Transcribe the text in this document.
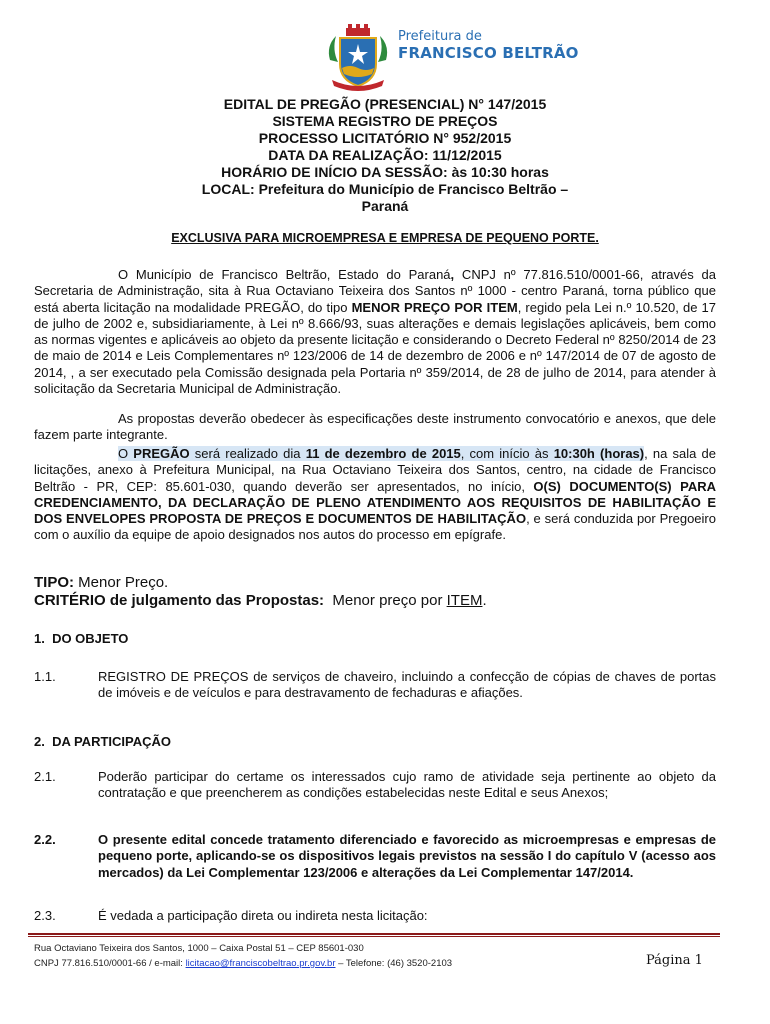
Prefeitura de
FRANCISCO BELTRÃO
EDITAL DE PREGÃO (PRESENCIAL) N° 147/2015
SISTEMA REGISTRO DE PREÇOS
PROCESSO LICITATÓRIO N° 952/2015
DATA DA REALIZAÇÃO: 11/12/2015
HORÁRIO DE INÍCIO DA SESSÃO: às 10:30 horas
LOCAL: Prefeitura do Município de Francisco Beltrão –
Paraná
EXCLUSIVA PARA MICROEMPRESA E EMPRESA DE PEQUENO PORTE.
O Município de Francisco Beltrão, Estado do Paraná, CNPJ nº 77.816.510/0001-66, através da Secretaria de Administração, sita à Rua Octaviano Teixeira dos Santos nº 1000 - centro Paraná, torna público que está aberta licitação na modalidade PREGÃO, do tipo MENOR PREÇO POR ITEM, regido pela Lei n.º 10.520, de 17 de julho de 2002 e, subsidiariamente, à Lei nº 8.666/93, suas alterações e demais legislações aplicáveis, bem como as normas vigentes e aplicáveis ao objeto da presente licitação e considerando o Decreto Federal nº 8250/2014 de 23 de maio de 2014 e Leis Complementares nº 123/2006 de 14 de dezembro de 2006 e nº 147/2014 de 07 de agosto de 2014, , a ser executado pela Comissão designada pela Portaria nº 359/2014, de 28 de julho de 2014, para atender à solicitação da Secretaria Municipal de Administração.
As propostas deverão obedecer às especificações deste instrumento convocatório e anexos, que dele fazem parte integrante.
O PREGÃO será realizado dia 11 de dezembro de 2015, com início às 10:30h (horas), na sala de licitações, anexo à Prefeitura Municipal, na Rua Octaviano Teixeira dos Santos, centro, na cidade de Francisco Beltrão - PR, CEP: 85.601-030, quando deverão ser apresentados, no início, O(S) DOCUMENTO(S) PARA CREDENCIAMENTO, DA DECLARAÇÃO DE PLENO ATENDIMENTO AOS REQUISITOS DE HABILITAÇÃO E DOS ENVELOPES PROPOSTA DE PREÇOS E DOCUMENTOS DE HABILITAÇÃO, e será conduzida por Pregoeiro com o auxílio da equipe de apoio designados nos autos do processo em epígrafe.
TIPO: Menor Preço.
CRITÉRIO de julgamento das Propostas:  Menor preço por ITEM.
1.  DO OBJETO
1.1.	REGISTRO DE PREÇOS de serviços de chaveiro, incluindo a confecção de cópias de chaves de portas de imóveis e de veículos e para destravamento de fechaduras e afiações.
2.  DA PARTICIPAÇÃO
2.1.	Poderão participar do certame os interessados cujo ramo de atividade seja pertinente ao objeto da contratação e que preencherem as condições estabelecidas neste Edital e seus Anexos;
2.2.	O presente edital concede tratamento diferenciado e favorecido as microempresas e empresas de pequeno porte, aplicando-se os dispositivos legais previstos na sessão I do capítulo V (acesso aos mercados) da Lei Complementar 123/2006 e alterações da Lei Complementar 147/2014.
2.3.	É vedada a participação direta ou indireta nesta licitação:
Rua Octaviano Teixeira dos Santos, 1000 – Caixa Postal 51 – CEP 85601-030
CNPJ 77.816.510/0001-66 / e-mail: licitacao@franciscobeltrao.pr.gov.br – Telefone: (46) 3520-2103	Página 1
